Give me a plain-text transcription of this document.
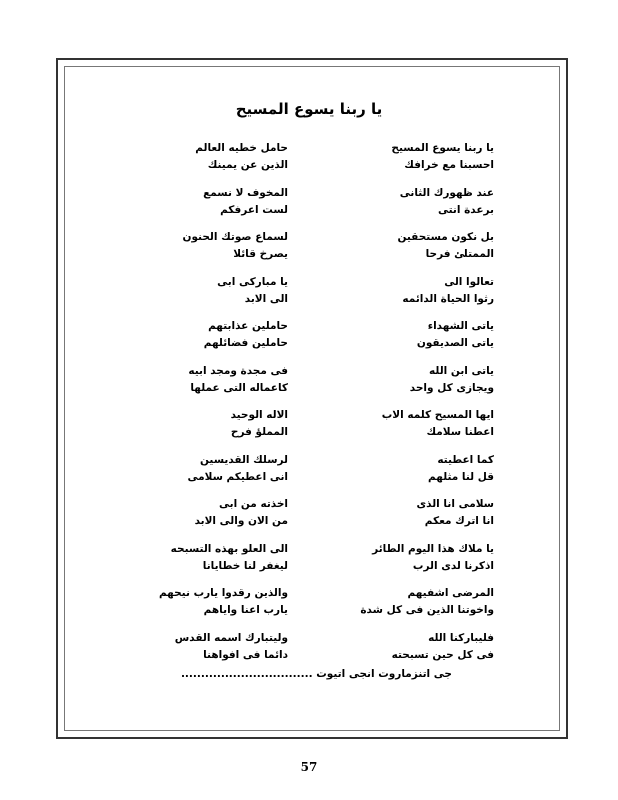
يا ربنا يسوع المسيح
يا ربنا يسوع المسيح
احسبنا مع خرافك
حامل خطيه العالم
الذين عن يمينك
عند ظهورك الثانى
برعدة انتى
المخوف لا نسمع
لست اعرفكم
بل نكون مستحقين
الممتلئ فرحا
لسماع صوتك الحنون
يصرخ قائلا
تعالوا الى
رثوا الحياة الدائمه
يا مباركى ابى
الى الابد
ياتى الشهداء
ياتى الصديقون
حاملين عذابتهم
حاملين فضائلهم
ياتى ابن الله
ويجازى كل واحد
فى مجدة ومجد ابيه
كاعماله التى عملها
ايها المسيح كلمه الاب
اعطنا سلامك
الاله الوحيد
المملؤ فرح
كما اعطيته
قل لنا مثلهم
لرسلك القديسين
انى اعطيكم سلامى
سلامى انا الذى
انا اترك معكم
اخذته من ابى
من الان والى الابد
يا ملاك هذا اليوم الطائر
اذكرنا لدى الرب
الى العلو بهذه التسبحه
ليغفر لنا خطايانا
المرضى اشفيهم
واخوتنا الذين فى كل شدة
والذين رقدوا يارب نيحهم
يارب اعنا واياهم
فليباركنا الله
فى كل حين تسبحته
وليتبارك اسمه القدس
دائما فى افواهنا
جى اتنزماروت انجى اتيوت .................................
57
